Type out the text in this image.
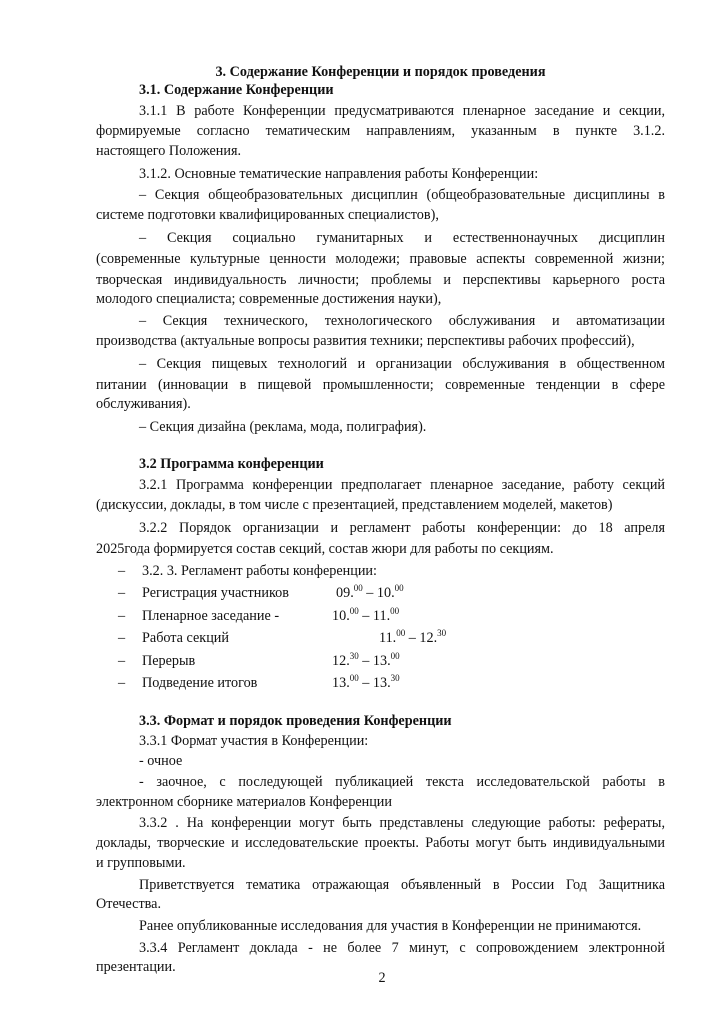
3. Содержание Конференции и порядок проведения
3.1. Содержание Конференции
3.1.1 В работе Конференции предусматриваются пленарное заседание и секции,
формируемые согласно тематическим направлениям, указанным в пункте 3.1.2.
настоящего Положения.
3.1.2. Основные тематические направления работы Конференции:
– Секция общеобразовательных дисциплин (общеобразовательные дисциплины в
системе подготовки квалифицированных специалистов),
– Секция социально гуманитарных и естественнонаучных дисциплин
(современные культурные ценности молодежи; правовые аспекты современной жизни;
творческая индивидуальность личности; проблемы и перспективы карьерного роста
молодого специалиста; современные достижения науки),
– Секция технического, технологического обслуживания и автоматизации
производства (актуальные вопросы развития техники; перспективы рабочих профессий),
– Секция пищевых технологий и организации обслуживания в общественном
питании (инновации в пищевой промышленности; современные тенденции в сфере
обслуживания).
– Секция дизайна (реклама, мода, полиграфия).
3.2 Программа конференции
3.2.1 Программа конференции предполагает пленарное заседание, работу секций
(дискуссии, доклады, в том числе с презентацией, представлением моделей, макетов)
3.2.2 Порядок организации и регламент работы конференции: до 18 апреля
2025года формируется состав секций, состав жюри для работы по секциям.
– 3.2. 3. Регламент работы конференции:
– Регистрация участников	09.00 – 10.00
– Пленарное заседание -	10.00 – 11.00
– Работа секций	11.00 – 12.30
– Перерыв	12.30 – 13.00
– Подведение итогов	13.00 – 13.30
3.3. Формат и порядок проведения Конференции
3.3.1 Формат участия в Конференции:
- очное
- заочное, с последующей публикацией текста исследовательской работы в
электронном сборнике материалов Конференции
3.3.2 . На конференции могут быть представлены следующие работы: рефераты,
доклады, творческие и исследовательские проекты. Работы могут быть индивидуальными
и групповыми.
Приветствуется тематика отражающая объявленный в России Год Защитника
Отечества.
Ранее опубликованные исследования для участия в Конференции не принимаются.
3.3.4 Регламент доклада - не более 7 минут, с сопровождением электронной
презентации.
2
